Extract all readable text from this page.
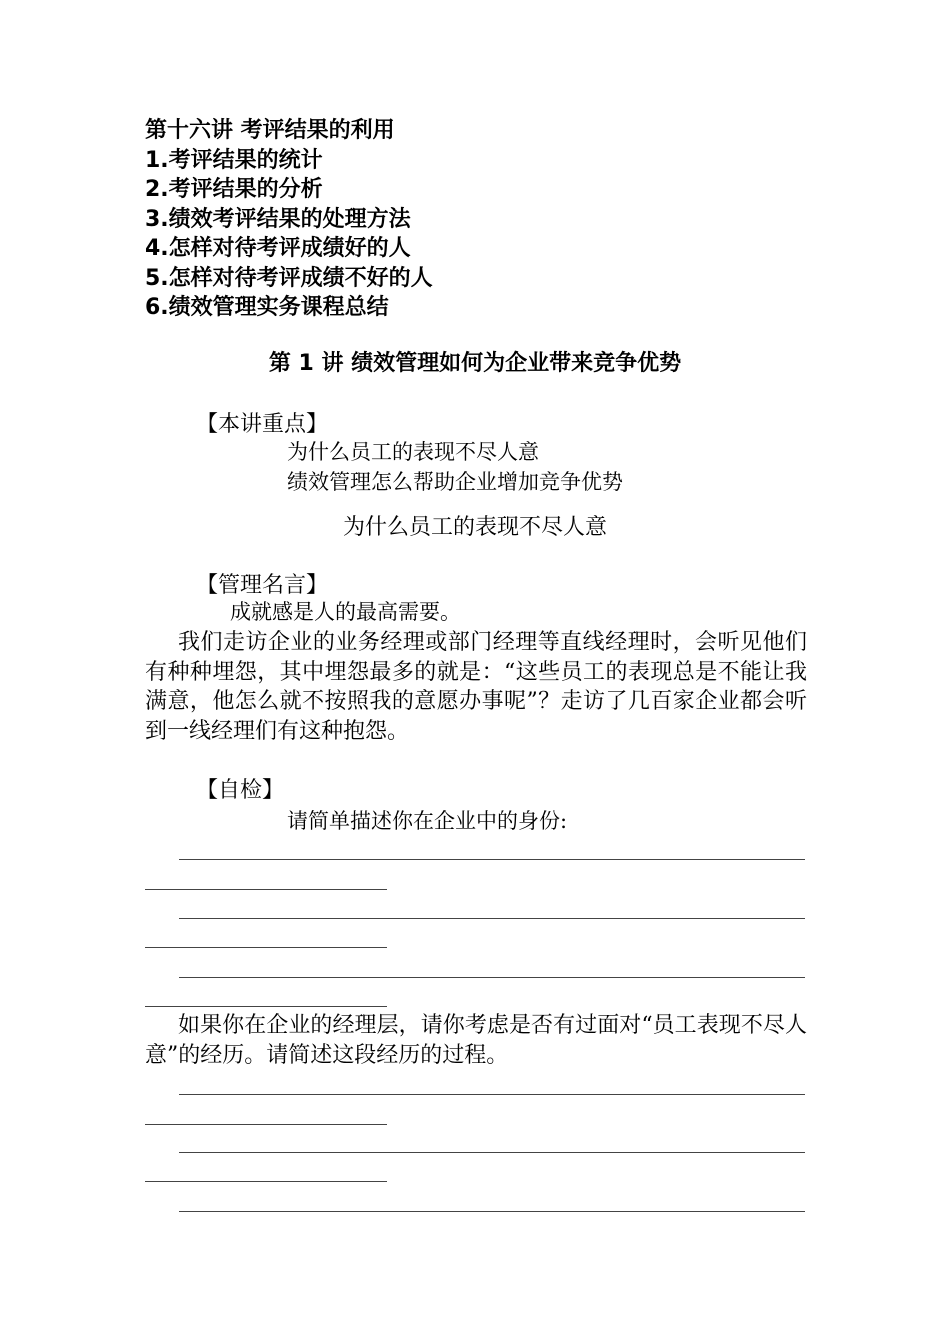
第十六讲 考评结果的利用
1.考评结果的统计
2.考评结果的分析
3.绩效考评结果的处理方法
4.怎样对待考评成绩好的人
5.怎样对待考评成绩不好的人
6.绩效管理实务课程总结
第 1 讲 绩效管理如何为企业带来竞争优势
【本讲重点】
为什么员工的表现不尽人意
绩效管理怎么帮助企业增加竞争优势
为什么员工的表现不尽人意
【管理名言】
成就感是人的最高需要。
我们走访企业的业务经理或部门经理等直线经理时，会听见他们有种种埋怨，其中埋怨最多的就是：“这些员工的表现总是不能让我满意，他怎么就不按照我的意愿办事呢”？走访了几百家企业都会听到一线经理们有这种抱怨。
【自检】
请简单描述你在企业中的身份:
如果你在企业的经理层，请你考虑是否有过面对“员工表现不尽人意”的经历。请简述这段经历的过程。
